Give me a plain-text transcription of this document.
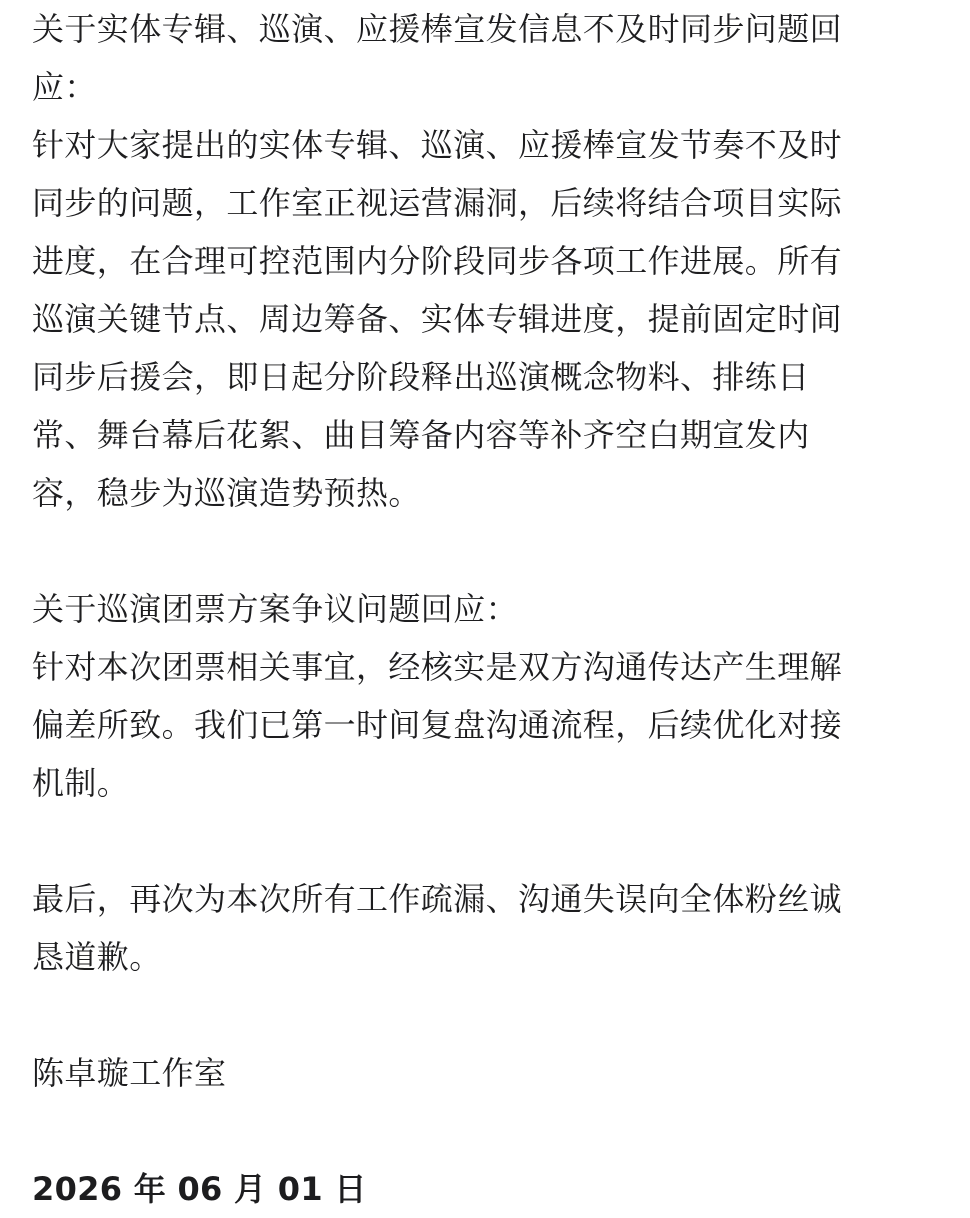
关于实体专辑、巡演、应援棒宣发信息不及时同步问题回
应：
针对大家提出的实体专辑、巡演、应援棒宣发节奏不及时
同步的问题，工作室正视运营漏洞，后续将结合项目实际
进度，在合理可控范围内分阶段同步各项工作进展。所有
巡演关键节点、周边筹备、实体专辑进度，提前固定时间
同步后援会，即日起分阶段释出巡演概念物料、排练日
常、舞台幕后花絮、曲目筹备内容等补齐空白期宣发内
容，稳步为巡演造势预热。
关于巡演团票方案争议问题回应：
针对本次团票相关事宜，经核实是双方沟通传达产生理解
偏差所致。我们已第一时间复盘沟通流程，后续优化对接
机制。
最后，再次为本次所有工作疏漏、沟通失误向全体粉丝诚
恳道歉。
陈卓璇工作室
2026 年 06 月 01 日
